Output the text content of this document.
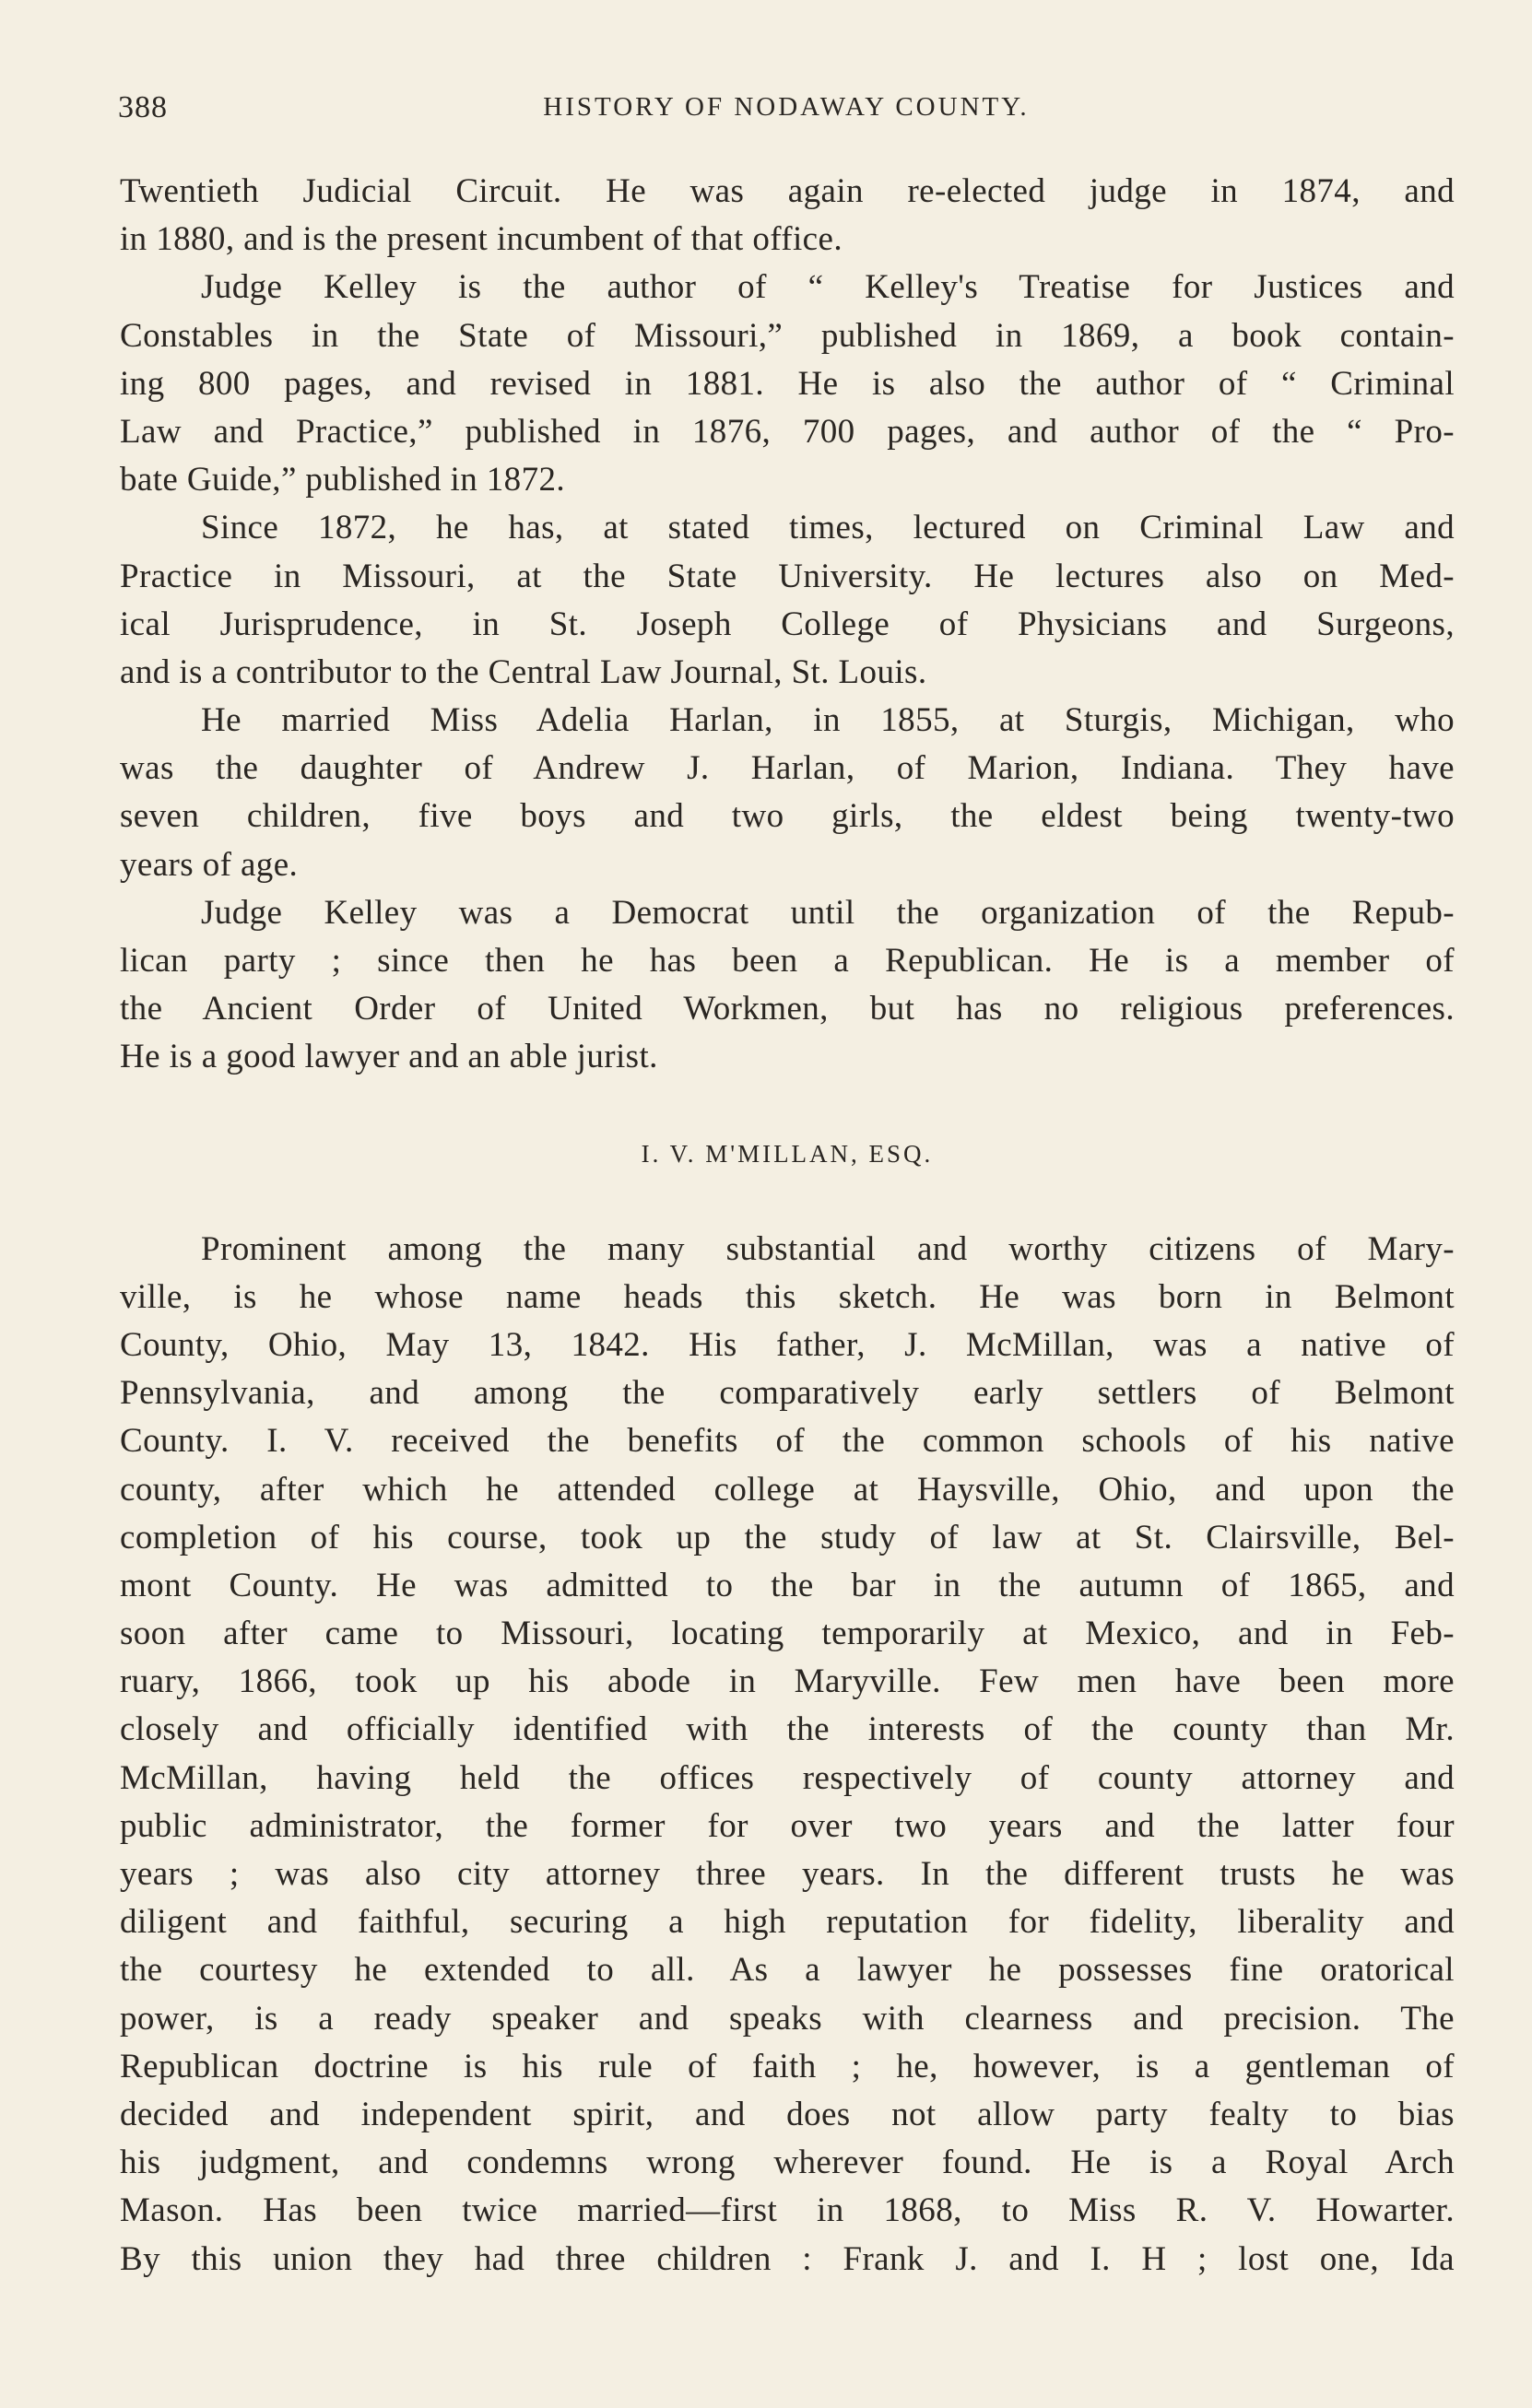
388	HISTORY OF NODAWAY COUNTY.
Twentieth Judicial Circuit. He was again re-elected judge in 1874, and
in 1880, and is the present incumbent of that office.
Judge Kelley is the author of “ Kelley's Treatise for Justices and
Constables in the State of Missouri,” published in 1869, a book contain-
ing 800 pages, and revised in 1881. He is also the author of “ Criminal
Law and Practice,” published in 1876, 700 pages, and author of the “ Pro-
bate Guide,” published in 1872.
Since 1872, he has, at stated times, lectured on Criminal Law and
Practice in Missouri, at the State University. He lectures also on Med-
ical Jurisprudence, in St. Joseph College of Physicians and Surgeons,
and is a contributor to the Central Law Journal, St. Louis.
He married Miss Adelia Harlan, in 1855, at Sturgis, Michigan, who
was the daughter of Andrew J. Harlan, of Marion, Indiana. They have
seven children, five boys and two girls, the eldest being twenty-two
years of age.
Judge Kelley was a Democrat until the organization of the Repub-
lican party ; since then he has been a Republican. He is a member of
the Ancient Order of United Workmen, but has no religious preferences.
He is a good lawyer and an able jurist.
I. V. M'MILLAN, ESQ.
Prominent among the many substantial and worthy citizens of Mary-
ville, is he whose name heads this sketch. He was born in Belmont
County, Ohio, May 13, 1842. His father, J. McMillan, was a native of
Pennsylvania, and among the comparatively early settlers of Belmont
County. I. V. received the benefits of the common schools of his native
county, after which he attended college at Haysville, Ohio, and upon the
completion of his course, took up the study of law at St. Clairsville, Bel-
mont County. He was admitted to the bar in the autumn of 1865, and
soon after came to Missouri, locating temporarily at Mexico, and in Feb-
ruary, 1866, took up his abode in Maryville. Few men have been more
closely and officially identified with the interests of the county than Mr.
McMillan, having held the offices respectively of county attorney and
public administrator, the former for over two years and the latter four
years ; was also city attorney three years. In the different trusts he was
diligent and faithful, securing a high reputation for fidelity, liberality and
the courtesy he extended to all. As a lawyer he possesses fine oratorical
power, is a ready speaker and speaks with clearness and precision. The
Republican doctrine is his rule of faith ; he, however, is a gentleman of
decided and independent spirit, and does not allow party fealty to bias
his judgment, and condemns wrong wherever found. He is a Royal Arch
Mason. Has been twice married—first in 1868, to Miss R. V. Howarter.
By this union they had three children : Frank J. and I. H ; lost one, Ida
